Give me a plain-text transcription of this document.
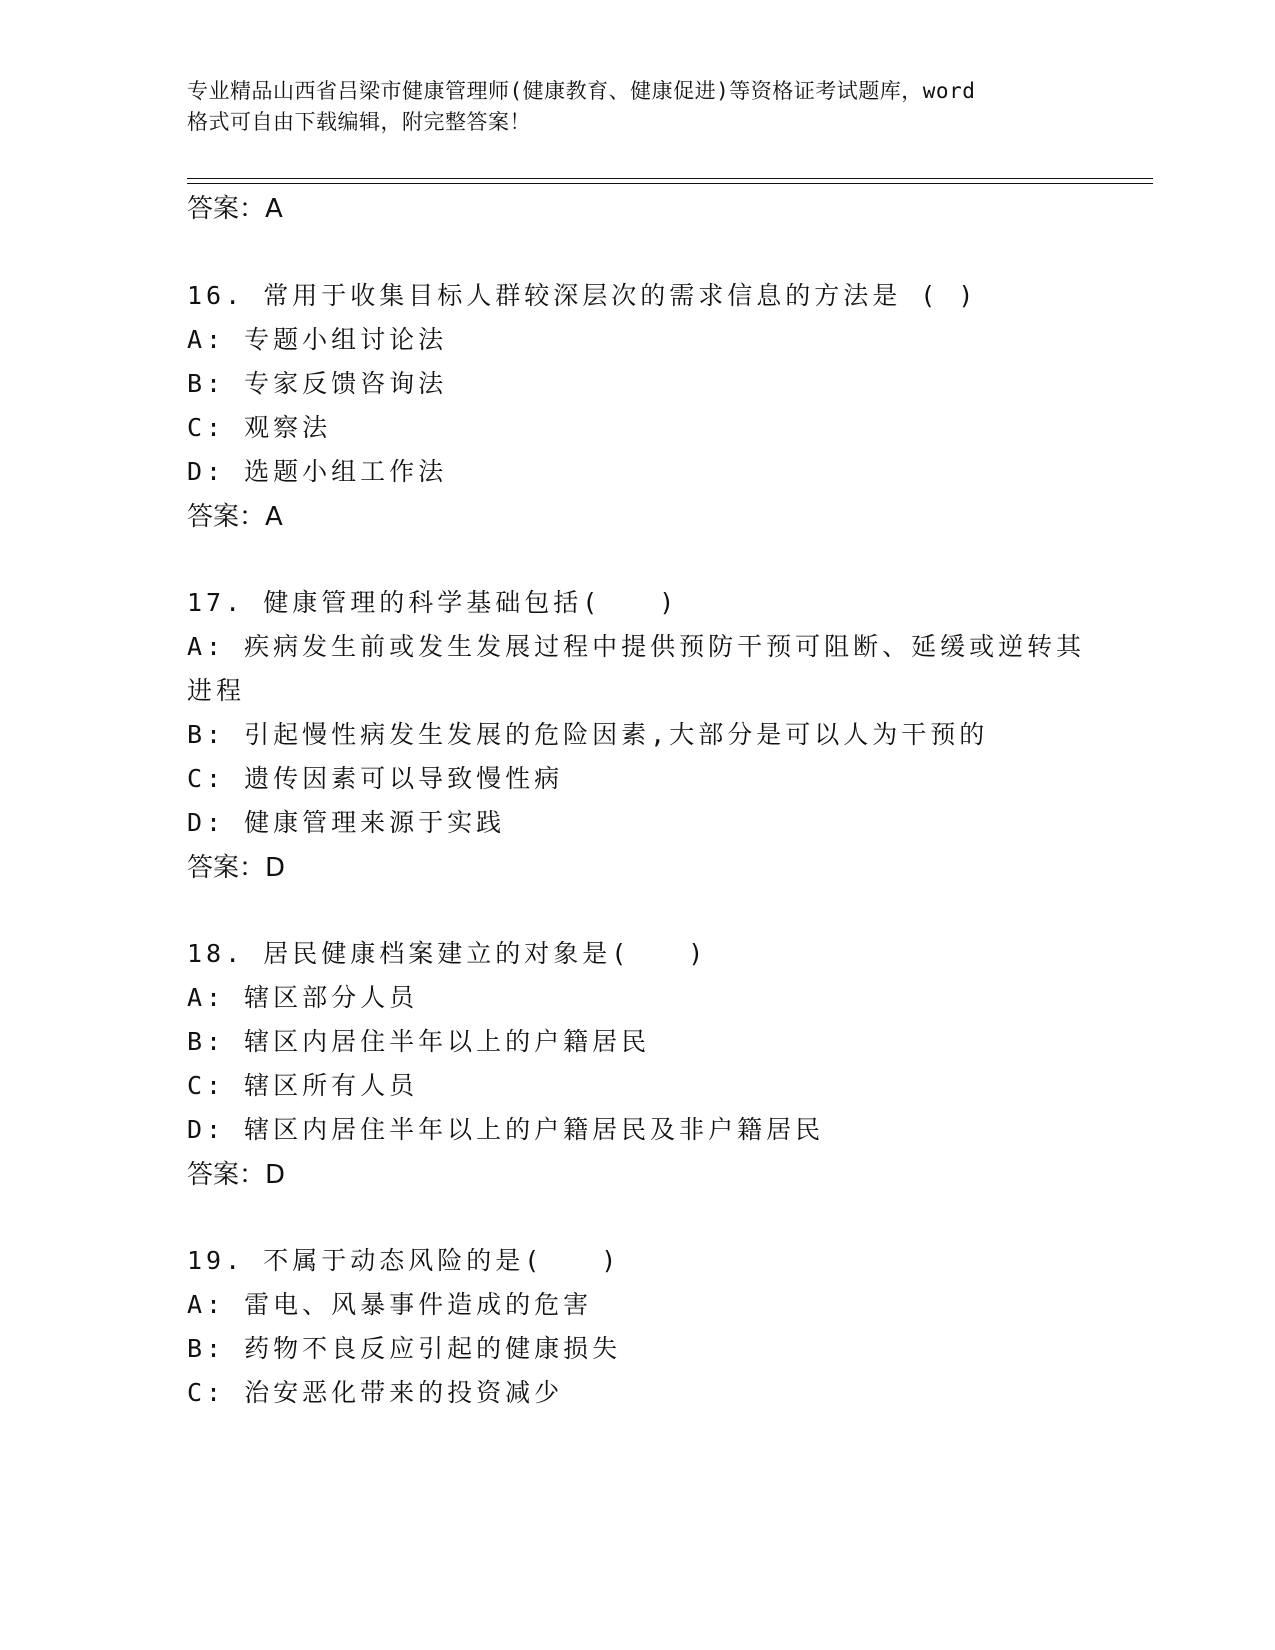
专业精品山西省吕梁市健康管理师(健康教育、健康促进)等资格证考试题库，word
格式可自由下载编辑，附完整答案！
答案：A
16. 常用于收集目标人群较深层次的需求信息的方法是 ( )
A: 专题小组讨论法
B: 专家反馈咨询法
C: 观察法
D: 选题小组工作法
答案：A
17. 健康管理的科学基础包括(　　)
A: 疾病发生前或发生发展过程中提供预防干预可阻断、延缓或逆转其
进程
B: 引起慢性病发生发展的危险因素,大部分是可以人为干预的
C: 遗传因素可以导致慢性病
D: 健康管理来源于实践
答案：D
18. 居民健康档案建立的对象是(　　)
A: 辖区部分人员
B: 辖区内居住半年以上的户籍居民
C: 辖区所有人员
D: 辖区内居住半年以上的户籍居民及非户籍居民
答案：D
19. 不属于动态风险的是(　　)
A: 雷电、风暴事件造成的危害
B: 药物不良反应引起的健康损失
C: 治安恶化带来的投资减少
